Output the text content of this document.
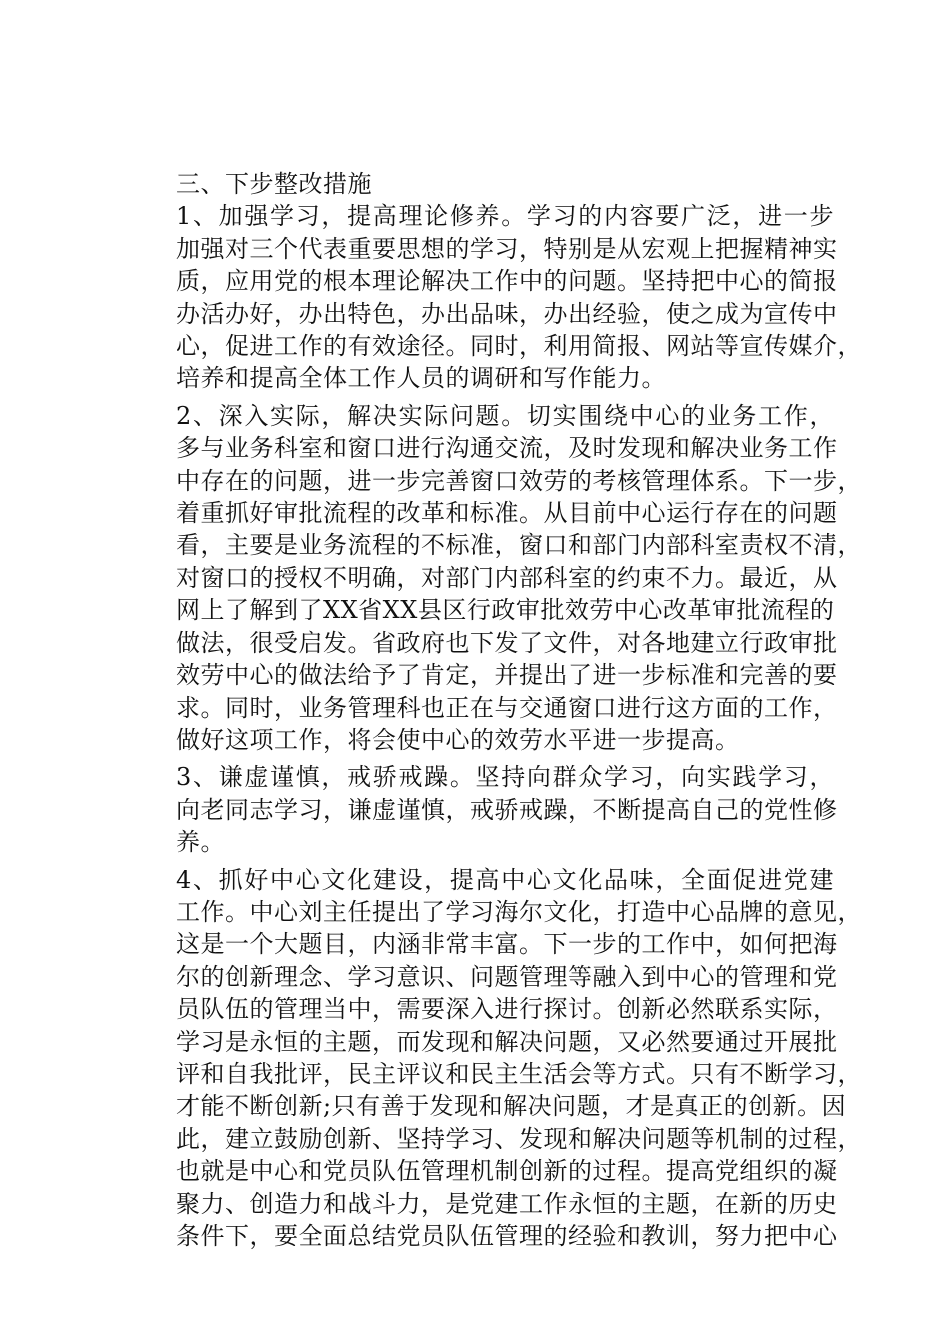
三、下步整改措施

1、加强学习，提高理论修养。学习的内容要广泛，进一步
加强对三个代表重要思想的学习，特别是从宏观上把握精神实
质，应用党的根本理论解决工作中的问题。坚持把中心的简报
办活办好，办出特色，办出品味，办出经验，使之成为宣传中
心，促进工作的有效途径。同时，利用简报、网站等宣传媒介，
培养和提高全体工作人员的调研和写作能力。
2、深入实际，解决实际问题。切实围绕中心的业务工作，
多与业务科室和窗口进行沟通交流，及时发现和解决业务工作
中存在的问题，进一步完善窗口效劳的考核管理体系。下一步，
着重抓好审批流程的改革和标准。从目前中心运行存在的问题
看，主要是业务流程的不标准，窗口和部门内部科室责权不清，
对窗口的授权不明确，对部门内部科室的约束不力。最近，从
网上了解到了XX省XX县区行政审批效劳中心改革审批流程的
做法，很受启发。省政府也下发了文件，对各地建立行政审批
效劳中心的做法给予了肯定，并提出了进一步标准和完善的要
求。同时，业务管理科也正在与交通窗口进行这方面的工作，
做好这项工作，将会使中心的效劳水平进一步提高。
3、谦虚谨慎，戒骄戒躁。坚持向群众学习，向实践学习，
向老同志学习，谦虚谨慎，戒骄戒躁，不断提高自己的党性修
养。
4、抓好中心文化建设，提高中心文化品味，全面促进党建
工作。中心刘主任提出了学习海尔文化，打造中心品牌的意见，
这是一个大题目，内涵非常丰富。下一步的工作中，如何把海
尔的创新理念、学习意识、问题管理等融入到中心的管理和党
员队伍的管理当中，需要深入进行探讨。创新必然联系实际，
学习是永恒的主题，而发现和解决问题，又必然要通过开展批
评和自我批评，民主评议和民主生活会等方式。只有不断学习，
才能不断创新;只有善于发现和解决问题，才是真正的创新。因
此，建立鼓励创新、坚持学习、发现和解决问题等机制的过程，
也就是中心和党员队伍管理机制创新的过程。提高党组织的凝
聚力、创造力和战斗力，是党建工作永恒的主题，在新的历史
条件下，要全面总结党员队伍管理的经验和教训，努力把中心
